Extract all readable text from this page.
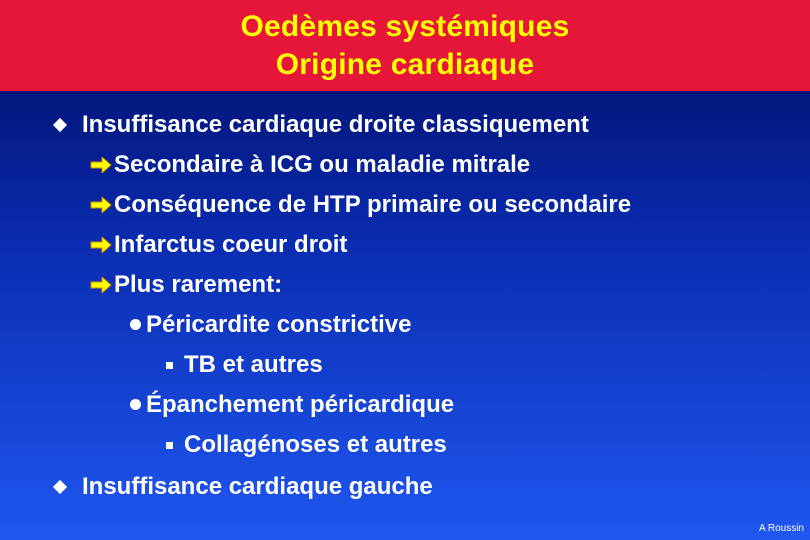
Oedèmes systémiques
Origine cardiaque
Insuffisance cardiaque droite classiquement
Secondaire à ICG ou maladie mitrale
Conséquence de HTP primaire ou secondaire
Infarctus coeur droit
Plus rarement:
Péricardite constrictive
TB et autres
Épanchement péricardique
Collagénoses et autres
Insuffisance cardiaque gauche
A Roussin
